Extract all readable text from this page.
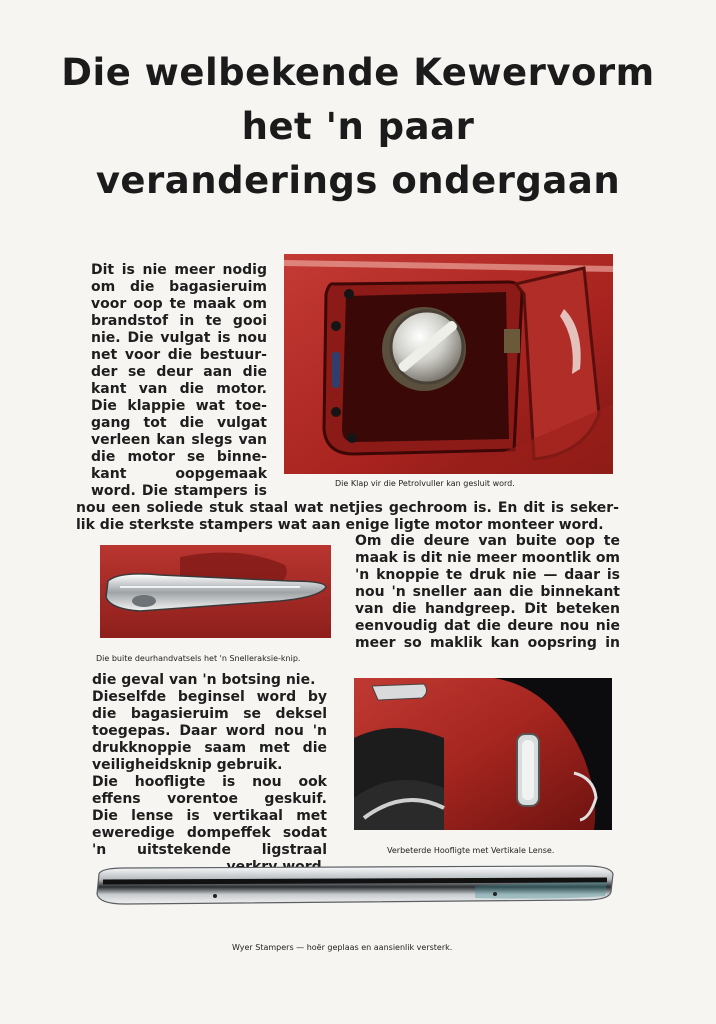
Die welbekende Kewervorm
het 'n paar
veranderings ondergaan

Die Klap vir die Petrolvuller kan gesluit word.

Dit is nie meer nodig
om die bagasieruim
voor oop te maak om
brandstof in te gooi
nie. Die vulgat is nou
net voor die bestuur-
der se deur aan die
kant van die motor.
Die klappie wat toe-
gang tot die vulgat
verleen kan slegs van
die motor se binne-
kant oopgemaak
word. Die stampers is
nou een soliede stuk staal wat netjies gechroom is. En dit is seker-
lik die sterkste stampers wat aan enige ligte motor monteer word.

Die buite deurhandvatsels het 'n Snelleraksie-knip.

Om die deure van buite oop te
maak is dit nie meer moontlik om
'n knoppie te druk nie — daar is
nou 'n sneller aan die binnekant
van die handgreep. Dit beteken
eenvoudig dat die deure nou nie
meer so maklik kan oopsring in
die geval van 'n botsing nie.
Dieselfde beginsel word by
die bagasieruim se deksel
toegepas. Daar word nou 'n
drukknoppie saam met die
veiligheidsknip gebruik.
Die hoofligte is nou ook
effens vorentoe geskuif.
Die lense is vertikaal met
eweredige dompeffek sodat
'n uitstekende ligstraal	Verbeterde Hoofligte met Vertikale Lense.

Wyer Stampers — hoër geplaas en aansienlik versterk.
